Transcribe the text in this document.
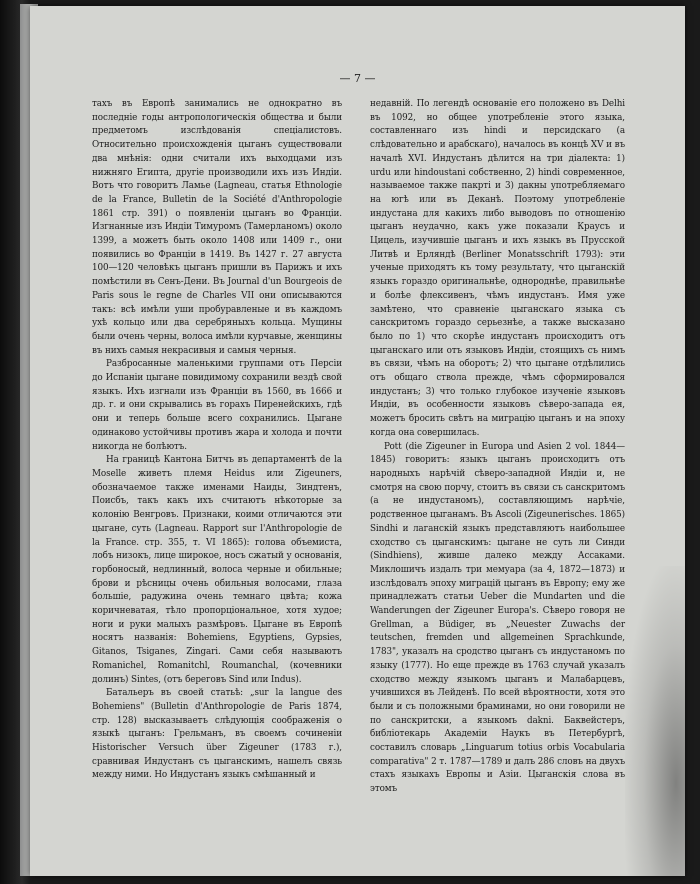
— 7 —

тахъ въ Европѣ занимались не однократно въ последніе годы антропологическія общества и были предметомъ изслѣдованія спеціалистовъ. Относительно происхожденія цыганъ существовали два мнѣнія: одни считали ихъ выходцами изъ нижняго Египта, другіе производили ихъ изъ Индіи. Вотъ что говоритъ Ламье (Lagneau, статья Ethnologie de la France, Bulletin de la Société d'Anthropologie 1861 стр. 391) о появленіи цыганъ во Франціи. Изгнанные изъ Индіи Тимуромъ (Тамерланомъ) около 1399, а можетъ быть около 1408 или 1409 г., они появились во Франціи в 1419. Въ 1427 г. 27 августа 100—120 человѣкъ цыганъ пришли въ Парижъ и ихъ помѣстили въ Сенъ-Дени. Въ Journal d'un Bourgeois de Paris sous le regne de Charles VII они описываются такъ: всѣ имѣли уши пробуравленые и въ каждомъ ухѣ кольцо или два серебряныхъ кольца. Мущины были очень черны, волоса имѣли курчавые, женщины въ нихъ самыя некрасивыя и самыя черныя.

Разбросанные маленькими группами отъ Персіи до Испаніи цыгане повидимому сохранили вездѣ свой языкъ. Ихъ изгнали изъ Франціи въ 1560, въ 1666 и др. г. и они скрывались въ горахъ Пиренейскихъ, гдѣ они и теперь больше всего сохранились. Цыгане одинаково устойчивы противъ жара и холода и почти никогда не болѣютъ.

На границѣ Кантона Битчъ въ департаментѣ de la Moselle живетъ племя Heidus или Zigeuners, обозначаемое также именами Наиды, Зиндтенъ, Поисбъ, такъ какъ ихъ считаютъ нѣкоторые за колонію Венгровъ. Признаки, коими отличаются эти цыгане, суть (Lagneau. Rapport sur l'Anthropologie de la France. стр. 355, т. VI 1865): голова объемиста, лобъ низокъ, лице широкое, носъ сжатый у основанія, горбоносый, недлинный, волоса черные и обильные; брови и рѣсницы очень обильныя волосами, глаза большіе, радужина очень темнаго цвѣта; кожа коричневатая, тѣло пропорціональное, хотя худое; ноги и руки малыхъ размѣровъ. Цыгане въ Европѣ носятъ названія: Bohemiens, Egyptiens, Gypsies, Gitanos, Tsiganes, Zingari. Сами себя называютъ Romanichel, Romanitchl, Roumanchal, (кочевники долинъ) Sintes, (отъ береговъ Sind или Indus).

Батальеръ въ своей статьѣ: „sur la langue des Bohemiens" (Bulletin d'Anthropologie de Paris 1874, стр. 128) высказываетъ слѣдующія соображенія о языкѣ цыганъ: Грельманъ, въ своемъ сочиненіи Historischer Versuch über Zigeuner (1783 г.), сравнивая Индустанъ съ цыганскимъ, нашелъ связь между ними. Но Индустанъ языкъ смѣшанный и

недавній. По легендѣ основаніе его положено въ Delhi въ 1092, но общее употребленіе этого языка, составленнаго изъ hindi и персидскаго (а слѣдовательно и арабскаго), началось въ концѣ XV и въ началѣ XVI. Индустанъ дѣлится на три діалекта: 1) urdu или hindoustani собственно, 2) hindi современное, называемое также пакрті и 3) дакны употребляемаго на югѣ или въ Деканѣ. Поэтому употребленіе индустана для какихъ либо выводовъ по отношенію цыганъ неудачно, какъ уже показали Краусъ и Цицель, изучившіе цыганъ и ихъ языкъ въ Прусской Литвѣ и Ерляндѣ (Berliner Monatsschrift 1793): эти ученые приходятъ къ тому результату, что цыганскій языкъ гораздо оригинальнѣе, однороднѣе, правильнѣе и болѣе флексивенъ, чѣмъ индустанъ. Имя уже замѣтено, что сравненіе цыганскаго языка съ санскритомъ гораздо серьезнѣе, а также высказано было по 1) что скорѣе индустанъ происходитъ отъ цыганскаго или отъ языковъ Индіи, стоящихъ съ нимъ въ связи, чѣмъ на оборотъ; 2) что цыгане отдѣлились отъ общаго ствола прежде, чѣмъ сформировался индустанъ; 3) что только глубокое изученіе языковъ Индіи, въ особенности языковъ сѣверо-запада ея, можетъ бросить свѣтъ на миграцію цыганъ и на эпоху когда она совершилась.

Pott (die Zigeuner in Europa und Asien 2 vol. 1844—1845) говоритъ: языкъ цыганъ происходитъ отъ народныхъ нарѣчій сѣверо-западной Индіи и, не смотря на свою порчу, стоитъ въ связи съ санскритомъ (а не индустаномъ), составляющимъ нарѣчіе, родственное цыганамъ. Въ Ascoli (Zigeunerisches. 1865) Sindhi и лаганскій языкъ представляютъ наибольшее сходство съ цыганскимъ: цыгане не суть ли Синди (Sindhiens), живше далеко между Ассаками. Миклошичъ издалъ три мемуара (за 4, 1872—1873) и изслѣдовалъ эпоху миграцій цыганъ въ Европу; ему же принадлежатъ статьи Ueber die Mundarten und die Wanderungen der Zigeuner Europa's. Сѣверо говоря не Grellman, а Büdiger, въ „Neuester Zuwachs der teutschen, fremden und allgemeinen Sprachkunde, 1783", указалъ на сродство цыганъ съ индустаномъ по языку (1777). Но еще прежде въ 1763 случай указалъ сходство между языкомъ цыганъ и Малабарцевъ, учившихся въ Лейденѣ. По всей вѣроятности, хотя это были и съ положными браминами, но они говорили не по санскритски, а языкомъ dakni. Баквейстеръ, библіотекарь Академіи Наукъ въ Петербургѣ, составилъ словарь „Linguarum totius orbis Vocabularia comparativa" 2 т. 1787—1789 и далъ 286 словъ на двухъ стахъ языкахъ Европы и Азіи. Цыганскія слова въ этомъ
